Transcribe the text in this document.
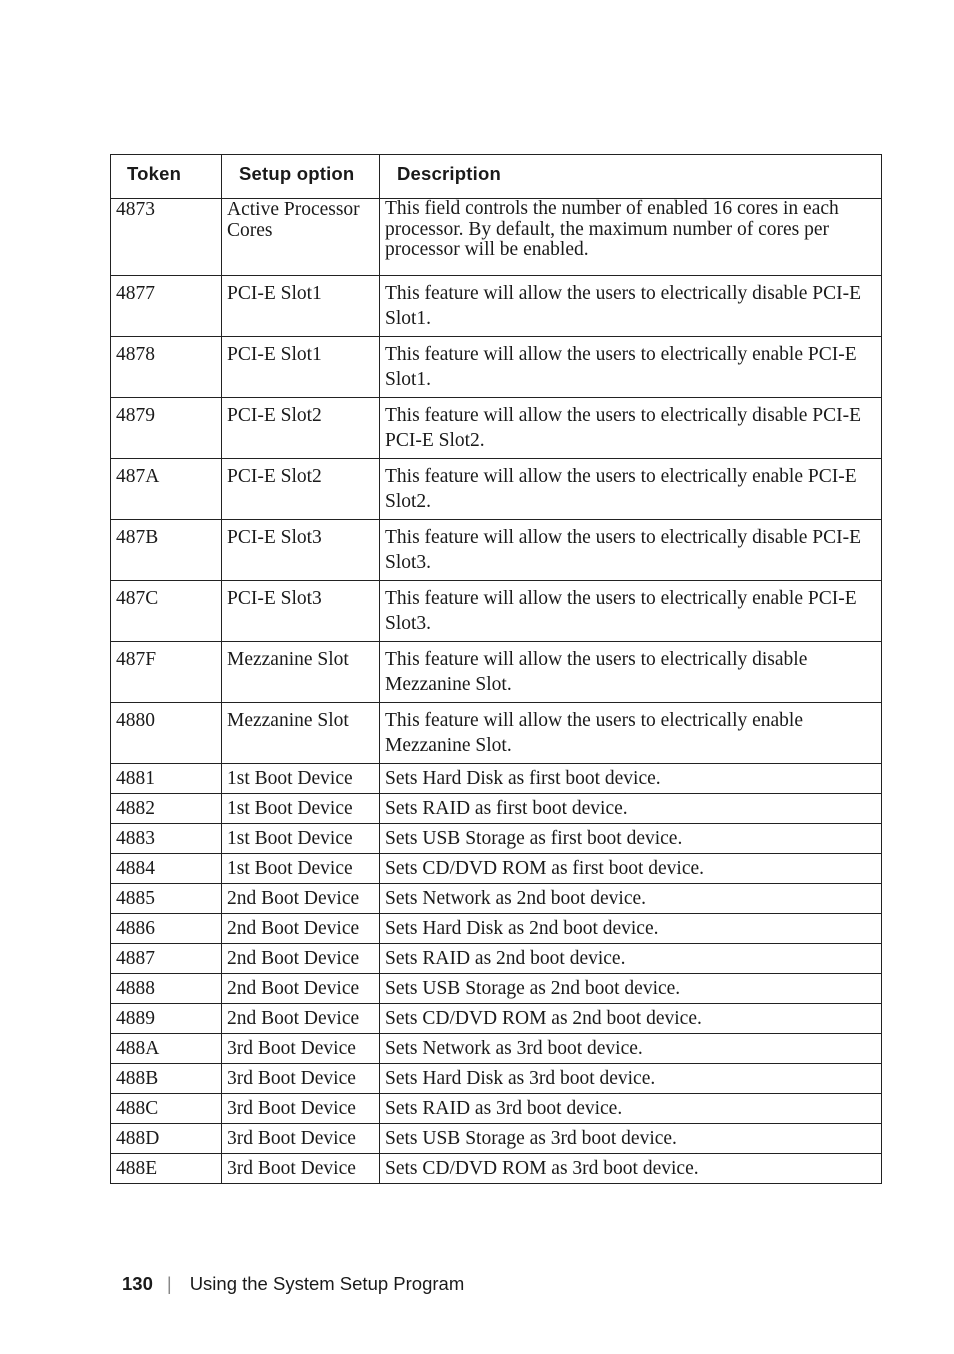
Token	Setup option	Description
4873	Active Processor Cores	This field controls the number of enabled 16 cores in each processor. By default, the maximum number of cores per processor will be enabled.
4877	PCI-E Slot1	This feature will allow the users to electrically disable PCI-E Slot1.
4878	PCI-E Slot1	This feature will allow the users to electrically enable PCI-E Slot1.
4879	PCI-E Slot2	This feature will allow the users to electrically disable PCI-E PCI-E Slot2.
487A	PCI-E Slot2	This feature will allow the users to electrically enable PCI-E Slot2.
487B	PCI-E Slot3	This feature will allow the users to electrically disable PCI-E Slot3.
487C	PCI-E Slot3	This feature will allow the users to electrically enable PCI-E Slot3.
487F	Mezzanine Slot	This feature will allow the users to electrically disable Mezzanine Slot.
4880	Mezzanine Slot	This feature will allow the users to electrically enable Mezzanine Slot.
4881	1st Boot Device	Sets Hard Disk as first boot device.
4882	1st Boot Device	Sets RAID as first boot device.
4883	1st Boot Device	Sets USB Storage as first boot device.
4884	1st Boot Device	Sets CD/DVD ROM as first boot device.
4885	2nd Boot Device	Sets Network as 2nd boot device.
4886	2nd Boot Device	Sets Hard Disk as 2nd boot device.
4887	2nd Boot Device	Sets RAID as 2nd boot device.
4888	2nd Boot Device	Sets USB Storage as 2nd boot device.
4889	2nd Boot Device	Sets CD/DVD ROM as 2nd boot device.
488A	3rd Boot Device	Sets Network as 3rd boot device.
488B	3rd Boot Device	Sets Hard Disk as 3rd boot device.
488C	3rd Boot Device	Sets RAID as 3rd boot device.
488D	3rd Boot Device	Sets USB Storage as 3rd boot device.
488E	3rd Boot Device	Sets CD/DVD ROM as 3rd boot device.
130 | Using the System Setup Program
